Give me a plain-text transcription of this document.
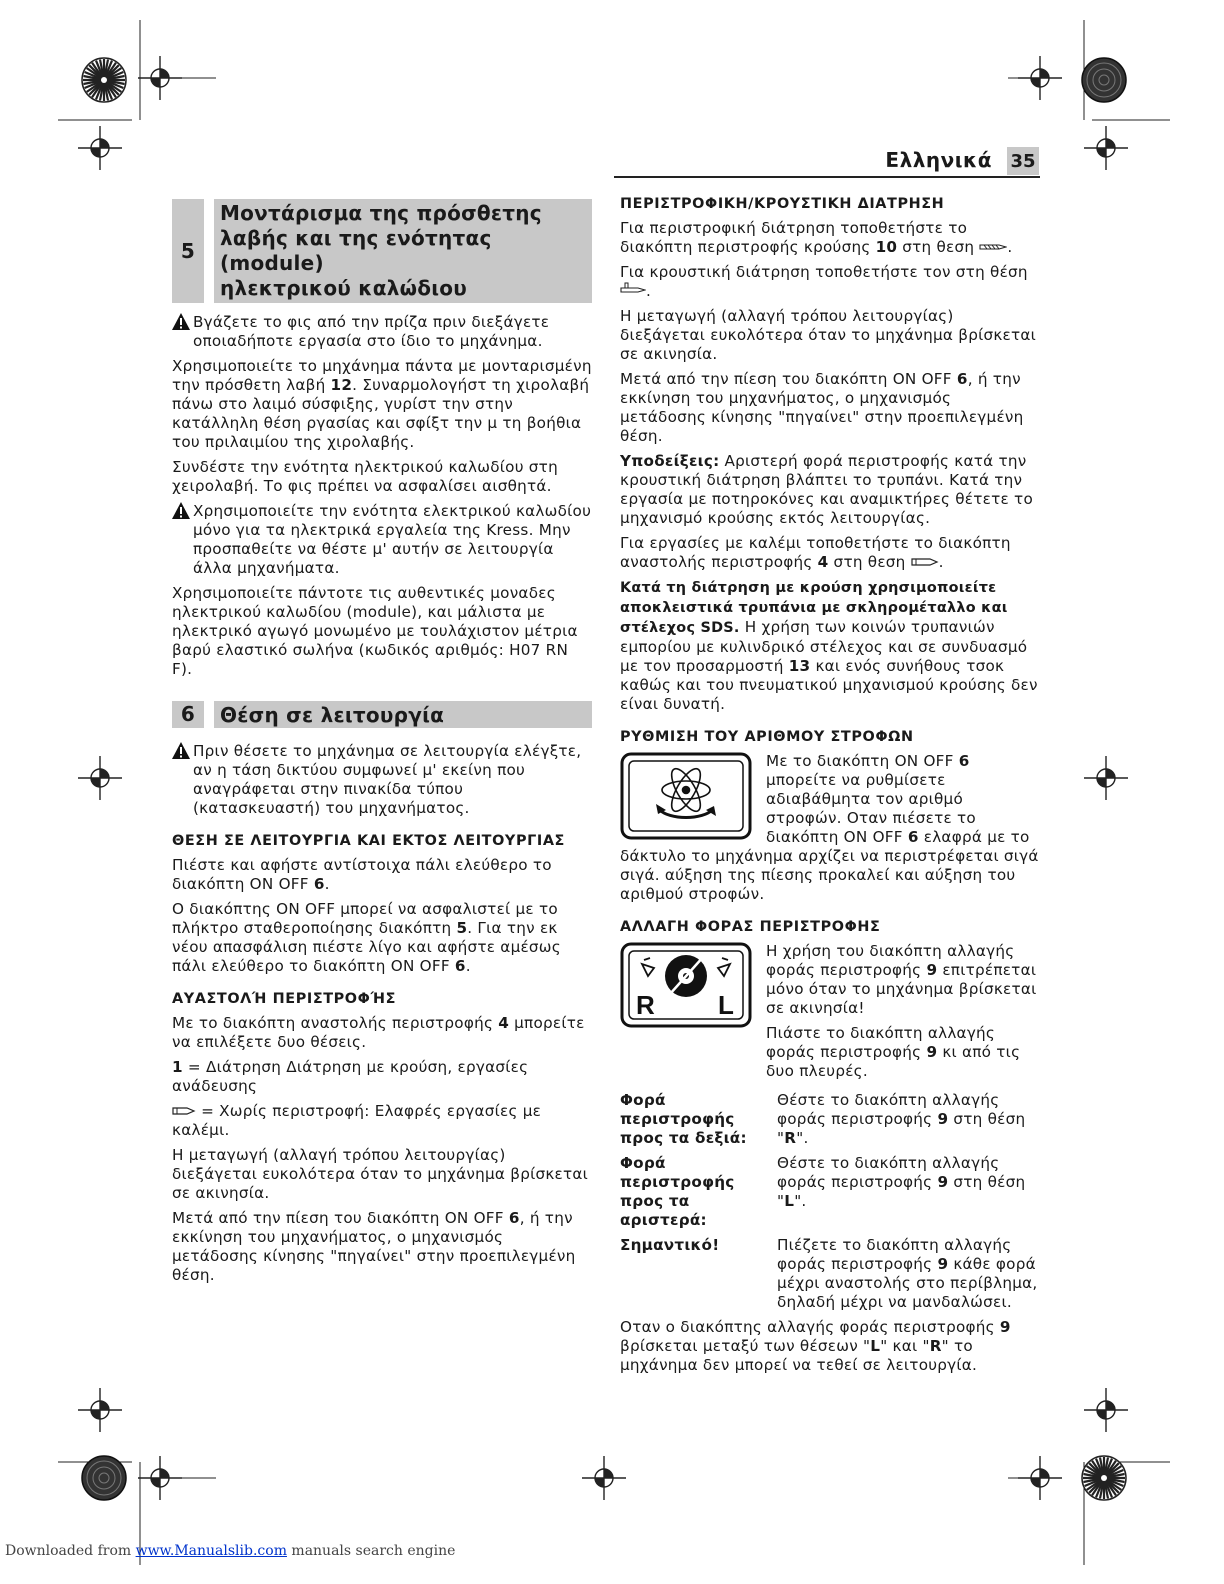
Ελληνικά 35
5
Μοντάρισμα της πρόσθετης
λαβής και της ενότητας (module)
ηλεκτρικού καλώδιου

Βγάζετε το φις από την πρίζα πριν διεξάγετε οποιαδήποτε εργασία στο ίδιο το μηχάνημα.

Χρησιμοποιείτε το μηχάνημα πάντα με μονταρισμένη την πρόσθετη λαβή 12. Συναρμολογήστ τη χιρολαβή πάνω στο λαιμό σύσφιξης, γυρίστ την στην κατάλληλη θέση ργασίας και σφίξτ την μ τη βοήθια του πριλαιμίου της χιρολαβής.

Συνδέστε την ενότητα ηλεκτρικού καλωδίου στη χειρολαβή. Το φις πρέπει να ασφαλίσει αισθητά.

Χρησιμοποιείτε την ενότητα ελεκτρικού καλωδίου μόνο για τα ηλεκτρικά εργαλεία της Kress. Μην προσπαθείτε να θέστε μ' αυτήν σε λειτουργία άλλα μηχανήματα.

Χρησιμοποιείτε πάντοτε τις αυθεντικές μοναδες ηλεκτρικού καλωδίου (module), και μάλιστα με ηλεκτρικό αγωγό μονωμένο με τουλάχιστον μέτρια βαρύ ελαστικό σωλήνα (κωδικός αριθμός: H07 RN F).

6	Θέση σε λειτουργία

Πριν θέσετε το μηχάνημα σε λειτουργία ελέγξτε, αν η τάση δικτύου συμφωνεί μ' εκείνη που αναγράφεται στην πινακίδα τύπου (κατασκευαστή) του μηχανήματος.

ΘΕΣΗ ΣΕ ΛΕΙΤΟΥΡΓΙΑ ΚΑΙ ΕΚΤΟΣ ΛΕΙΤΟΥΡΓΙΑΣ

Πιέστε και αφήστε αντίστοιχα πάλι ελεύθερο το διακόπτη ON OFF 6.

Ο διακόπτης ON OFF μπορεί να ασφαλιστεί με το πλήκτρο σταθεροποίησης διακόπτη 5. Για την εκ νέου απασφάλιση πιέστε λίγο και αφήστε αμέσως πάλι ελεύθερο το διακόπτη ON OFF 6.

ΑΥΑΣΤΟΛΉ ΠΕΡΙΣΤΡΟΦΉΣ

Με το διακόπτη αναστολής περιστροφής 4 μπορείτε να επιλέξετε δυο θέσεις.

1 = Διάτρηση Διάτρηση με κρούση, εργασίες ανάδευσης

= Χωρίς περιστροφή: Ελαφρές εργασίες με καλέμι.

Η μεταγωγή (αλλαγή τρόπου λειτουργίας) διεξάγεται ευκολότερα όταν το μηχάνημα βρίσκεται σε ακινησία.

Μετά από την πίεση του διακόπτη ON OFF 6, ή την εκκίνηση του μηχανήματος, ο μηχανισμός μετάδοσης κίνησης "πηγαίνει" στην προεπιλεγμένη θέση.

ΠΕΡΙΣΤΡΟΦΙΚΗ/ΚΡΟΥΣΤΙΚΗ ΔΙΑΤΡΗΣΗ

Για περιστροφική διάτρηση τοποθετήστε το διακόπτη περιστροφής κρούσης 10 στη θεση .

Για κρουστική διάτρηση τοποθετήστε τον στη θέση .

Η μεταγωγή (αλλαγή τρόπου λειτουργίας) διεξάγεται ευκολότερα όταν το μηχάνημα βρίσκεται σε ακινησία.

Μετά από την πίεση του διακόπτη ON OFF 6, ή την εκκίνηση του μηχανήματος, ο μηχανισμός μετάδοσης κίνησης "πηγαίνει" στην προεπιλεγμένη θέση.

Υποδείξεις: Αριστερή φορά περιστροφής κατά την κρουστική διάτρηση βλάπτει το τρυπάνι. Κατά την εργασία με ποτηροκόνες και αναμικτήρες θέτετε το μηχανισμό κρούσης εκτός λειτουργίας.

Για εργασίες με καλέμι τοποθετήστε το διακόπτη αναστολής περιστροφής 4 στη θεση .

Κατά τη διάτρηση με κρούση χρησιμοποιείτε αποκλειστικά τρυπάνια με σκληρομέταλλο και στέλεχος SDS. Η χρήση των κοινών τρυπανιών εμπορίου με κυλινδρικό στέλεχος και σε συνδυασμό με τον προσαρμοστή 13 και ενός συνήθους τσοκ καθώς και του πνευματικού μηχανισμού κρούσης δεν είναι δυνατή.

ΡΥΘΜΙΣΗ ΤΟΥ ΑΡΙΘΜΟΥ ΣΤΡΟΦΩΝ
Με το διακόπτη ON OFF 6 μπορείτε να ρυθμίσετε αδιαβάθμητα τον αριθμό στροφών. Οταν πιέσετε το διακόπτη ON OFF 6 ελαφρά με το δάκτυλο το μηχάνημα αρχίζει να περιστρέφεται σιγά σιγά. αύξηση της πίεσης προκαλεί και αύξηση του αριθμού στροφών.
ΑΛΛΑΓΗ ΦΟΡΑΣ ΠΕΡΙΣΤΡΟΦΗΣ
R L

Η χρήση του διακόπτη αλλαγής φοράς περιστροφής 9 επιτρέπεται μόνο όταν το μηχάνημα βρίσκεται σε ακινησία!

Πιάστε το διακόπτη αλλαγής φοράς περιστροφής 9 κι από τις δυο πλευρές.

Φορά περιστροφής προς τα δεξιά:
Θέστε το διακόπτη αλλαγής φοράς περιστροφής 9 στη θέση "R".
Φορά περιστροφής προς τα αριστερά:
Θέστε το διακόπτη αλλαγής φοράς περιστροφής 9 στη θέση "L".
Σημαντικό!	Πιέζετε το διακόπτη αλλαγής φοράς περιστροφής 9 κάθε φορά μέχρι αναστολής στο περίβλημα, δηλαδή μέχρι να μανδαλώσει.

Οταν ο διακόπτης αλλαγής φοράς περιστροφής 9 βρίσκεται μεταξύ των θέσεων "L" και "R" το μηχάνημα δεν μπορεί να τεθεί σε λειτουργία.

Downloaded from www.Manualslib.com manuals search engine
